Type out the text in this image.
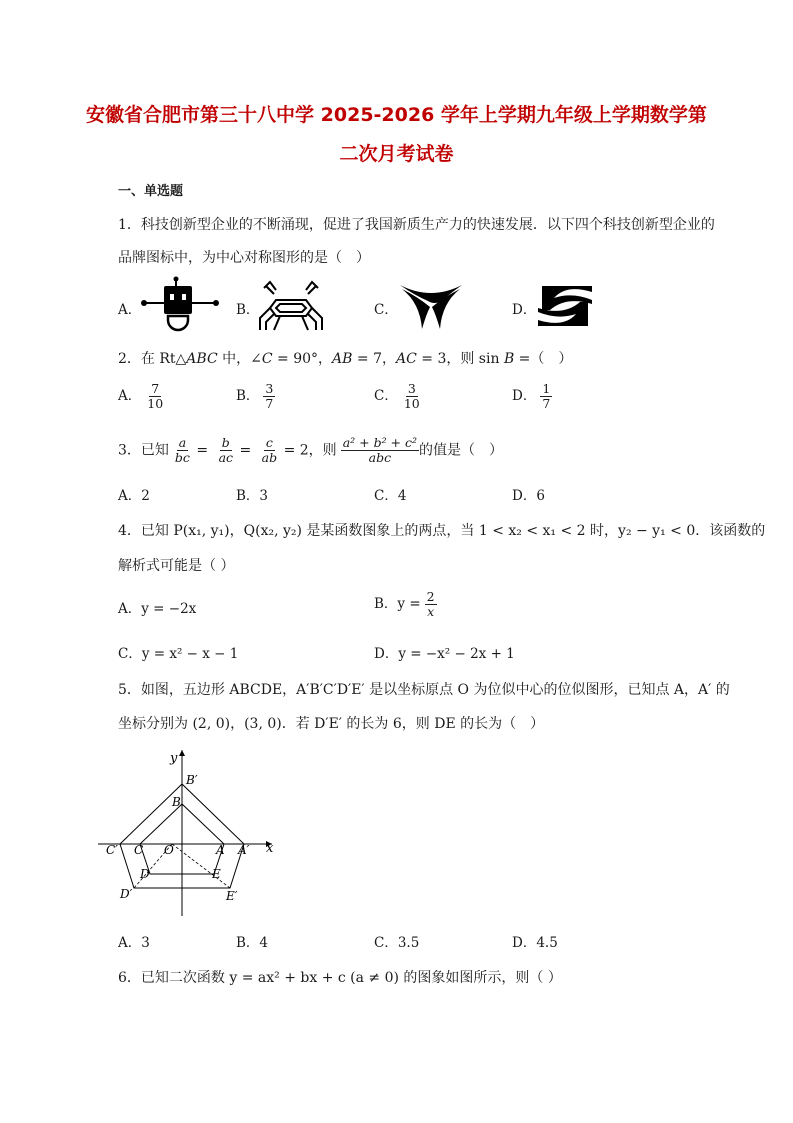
安徽省合肥市第三十八中学 2025-2026 学年上学期九年级上学期数学第
二次月考试卷
一、单选题
1．科技创新型企业的不断涌现，促进了我国新质生产力的快速发展．以下四个科技创新型企业的
品牌图标中，为中心对称图形的是（　）
A．	B．	C．	D．
2．在 Rt△ABC 中，∠C = 90°，AB = 7，AC = 3，则 sin B =（　）
A． $\frac{7}{10}$	B． $\frac{3}{7}$	C． $\frac{3}{10}$	D． $\frac{1}{7}$
3．已知 $\frac{a}{bc} = \frac{b}{ac} = \frac{c}{ab} = 2$，则 $\frac{\text{a² + b² + c²}}{\text{abc}}$ 的值是（　）
A．2	B．3	C．4	D．6
4．已知 P(x₁, y₁)，Q(x₂, y₂) 是某函数图象上的两点，当 1 < x₂ < x₁ < 2 时，y₂ − y₁ < 0．该函数的
解析式可能是（ ）
A．y = −2x	B．$y = \frac{2}{x}$
C．y = x² − x − 1	D．y = −x² − 2x + 1
5．如图，五边形 ABCDE，A′B′C′D′E′ 是以坐标原点 O 为位似中心的位似图形，已知点 A，A′ 的
坐标分别为 (2, 0)，(3, 0)．若 D′E′ 的长为 6，则 DE 的长为（　）
y
x
B′
B
C′ C O	A A′
D	E
D′	E′
A．3	B．4	C．3.5	D．4.5
6．已知二次函数 y = ax² + bx + c (a ≠ 0) 的图象如图所示，则（ ）
